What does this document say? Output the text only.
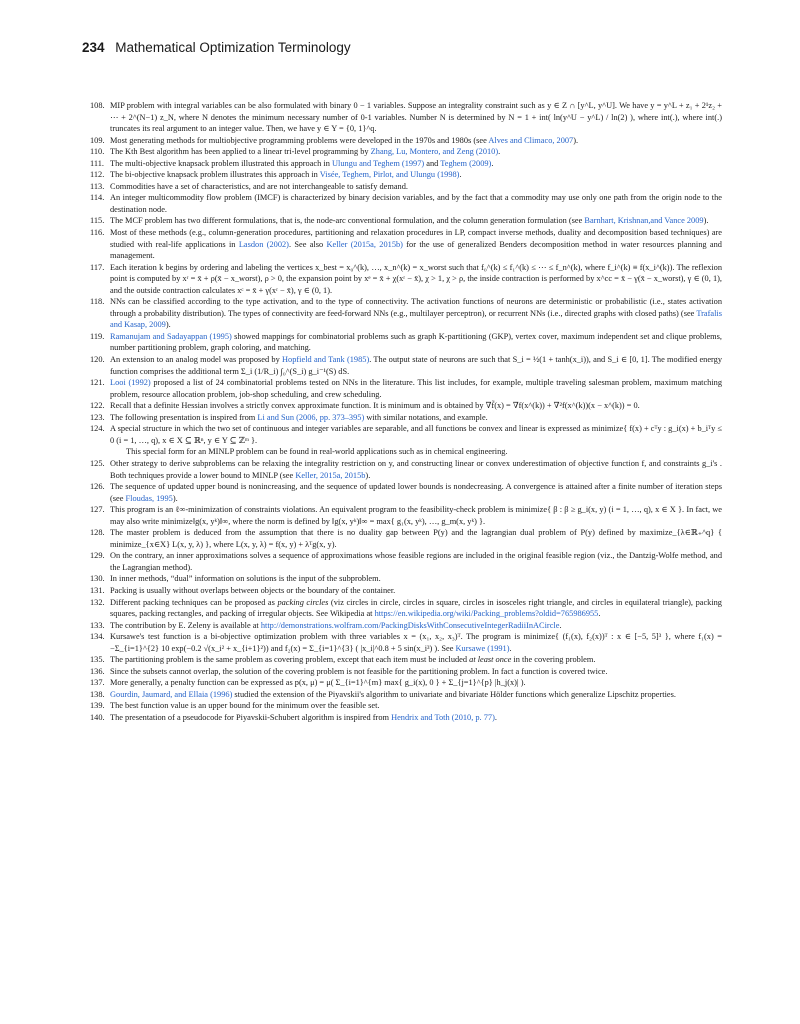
234 Mathematical Optimization Terminology
108. MIP problem with integral variables can be also formulated with binary 0 − 1 variables. Suppose an integrality constraint such as y ∈ Z ∩ [y^L, y^U]. We have y = y^L + z₁ + 2¹z₂ + ⋯ + 2^(N−1) z_N, where N denotes the minimum necessary number of 0-1 variables. Number N is determined by N = 1 + int( ln(y^U − y^L) / ln(2) ), where int(.), where int(.) truncates its real argument to an integer value. Then, we have y ∈ Y = {0, 1}^q.
109. Most generating methods for multiobjective programming problems were developed in the 1970s and 1980s (see Alves and Climaco, 2007).
110. The Kth Best algorithm has been applied to a linear tri-level programming by Zhang, Lu, Montero, and Zeng (2010).
111. The multi-objective knapsack problem illustrated this approach in Ulungu and Teghem (1997) and Teghem (2009).
112. The bi-objective knapsack problem illustrates this approach in Visée, Teghem, Pirlot, and Ulungu (1998).
113. Commodities have a set of characteristics, and are not interchangeable to satisfy demand.
114. An integer multicommodity flow problem (IMCF) is characterized by binary decision variables, and by the fact that a commodity may use only one path from the origin node to the destination node.
115. The MCF problem has two different formulations, that is, the node-arc conventional formulation, and the column generation formulation (see Barnhart, Krishnan,and Vance 2009).
116. Most of these methods (e.g., column-generation procedures, partitioning and relaxation procedures in LP, compact inverse methods, duality and decomposition based techniques) are studied with real-life applications in Lasdon (2002). See also Keller (2015a, 2015b) for the use of generalized Benders decomposition method in water resources planning and management.
117. Each iteration k begins by ordering and labeling the vertices x_best = x₀^(k), …, x_n^(k) = x_worst such that f₀^(k) ≤ f₁^(k) ≤ ⋯ ≤ f_n^(k), where f_i^(k) ≡ f(x_i^(k)). The reflexion point is computed by xʳ = x̄ + ρ(x̄ − x_worst), ρ > 0, the expansion point by xᵉ = x̄ + χ(xʳ − x̄), χ > 1, χ > ρ, the inside contraction is performed by x^cc = x̄ − γ(x̄ − x_worst), γ ∈ (0, 1), and the outside contraction calculates xᶜ = x̄ + γ(xʳ − x̄), γ ∈ (0, 1).
118. NNs can be classified according to the type activation, and to the type of connectivity. The activation functions of neurons are deterministic or probabilistic (i.e., states activation through a probability distribution). The types of connectivity are feed-forward NNs (e.g., multilayer perceptron), or recurrent NNs (i.e., directed graphs with closed paths) (see Trafalis and Kasap, 2009).
119. Ramanujam and Sadayappan (1995) showed mappings for combinatorial problems such as graph K-partitioning (GKP), vertex cover, maximum independent set and clique problems, number partitioning problem, graph coloring, and matching.
120. An extension to an analog model was proposed by Hopfield and Tank (1985). The output state of neurons are such that S_i = ½(1 + tanh(x_i)), and S_i ∈ [0, 1]. The modified energy function comprises the additional term Σ_i (1/R_i) ∫₀^(S_i) g_i⁻¹(S) dS.
121. Looi (1992) proposed a list of 24 combinatorial problems tested on NNs in the literature. This list includes, for example, multiple traveling salesman problem, maximum matching problem, resource allocation problem, job-shop scheduling, and crew scheduling.
122. Recall that a definite Hessian involves a strictly convex approximate function. It is minimum and is obtained by ∇f̃(x) = ∇f(x^(k)) + ∇²f(x^(k))(x − x^(k)) = 0.
123. The following presentation is inspired from Li and Sun (2006, pp. 373–395) with similar notations, and example.
124. A special structure in which the two set of continuous and integer variables are separable, and all functions be convex and linear is expressed as minimize{ f(x) + cᵀy : g_i(x) + b_iᵀy ≤ 0 (i = 1, …, q), x ∈ X ⊆ ℝⁿ, y ∈ Y ⊆ ℤᵐ }.
This special form for an MINLP problem can be found in real-world applications such as in chemical engineering.
125. Other strategy to derive subproblems can be relaxing the integrality restriction on y, and constructing linear or convex underestimation of objective function f, and constraints g_i's . Both techniques provide a lower bound to MINLP (see Keller, 2015a, 2015b).
126. The sequence of updated upper bound is nonincreasing, and the sequence of updated lower bounds is nondecreasing. A convergence is attained after a finite number of iteration steps (see Floudas, 1995).
127. This program is an ℓ∞-minimization of constraints violations. An equivalent program to the feasibility-check problem is minimize{ β : β ≥ g_i(x, y) (i = 1, …, q), x ∈ X }. In fact, we may also write minimize‖g(x, yᵏ)‖∞, where the norm is defined by ‖g(x, yᵏ)‖∞ = max{ g₁(x, yᵏ), …, g_m(x, yᵏ) }.
128. The master problem is deduced from the assumption that there is no duality gap between P(y) and the lagrangian dual problem of P(y) defined by maximize_{λ∈ℝ₊^q} { minimize_{x∈X} L(x, y, λ) }, where L(x, y, λ) = f(x, y) + λᵀg(x, y).
129. On the contrary, an inner approximations solves a sequence of approximations whose feasible regions are included in the original feasible region (viz., the Dantzig-Wolfe method, and the Lagrangian method).
130. In inner methods, “dual” information on solutions is the input of the subproblem.
131. Packing is usually without overlaps between objects or the boundary of the container.
132. Different packing techniques can be proposed as packing circles (viz circles in circle, circles in square, circles in isosceles right triangle, and circles in equilateral triangle), packing squares, packing rectangles, and packing of irregular objects. See Wikipedia at https://en.wikipedia.org/wiki/Packing_problems?oldid=765986955.
133. The contribution by E. Zeleny is available at http://demonstrations.wolfram.com/PackingDisksWithConsecutiveIntegerRadiiInACircle.
134. Kursawe's test function is a bi-objective optimization problem with three variables x = (x₁, x₂, x₃)ᵀ. The program is minimize{ (f₁(x), f₂(x))ᵀ : x ∈ [−5, 5]³ }, where f₁(x) = −Σ_{i=1}^{2} 10 exp(−0.2 √(x_i² + x_{i+1}²)) and f₂(x) = Σ_{i=1}^{3} ( |x_i|^0.8 + 5 sin(x_i³) ). See Kursawe (1991).
135. The partitioning problem is the same problem as covering problem, except that each item must be included at least once in the covering problem.
136. Since the subsets cannot overlap, the solution of the covering problem is not feasible for the partitioning problem. In fact a function is covered twice.
137. More generally, a penalty function can be expressed as p(x, μ) = μ( Σ_{i=1}^{m} max{ g_i(x), 0 } + Σ_{j=1}^{p} |h_j(x)| ).
138. Gourdin, Jaumard, and Ellaia (1996) studied the extension of the Piyavskii's algorithm to univariate and bivariate Hölder functions which generalize Lipschitz properties.
139. The best function value is an upper bound for the minimum over the feasible set.
140. The presentation of a pseudocode for Piyavskii-Schubert algorithm is inspired from Hendrix and Toth (2010, p. 77).
